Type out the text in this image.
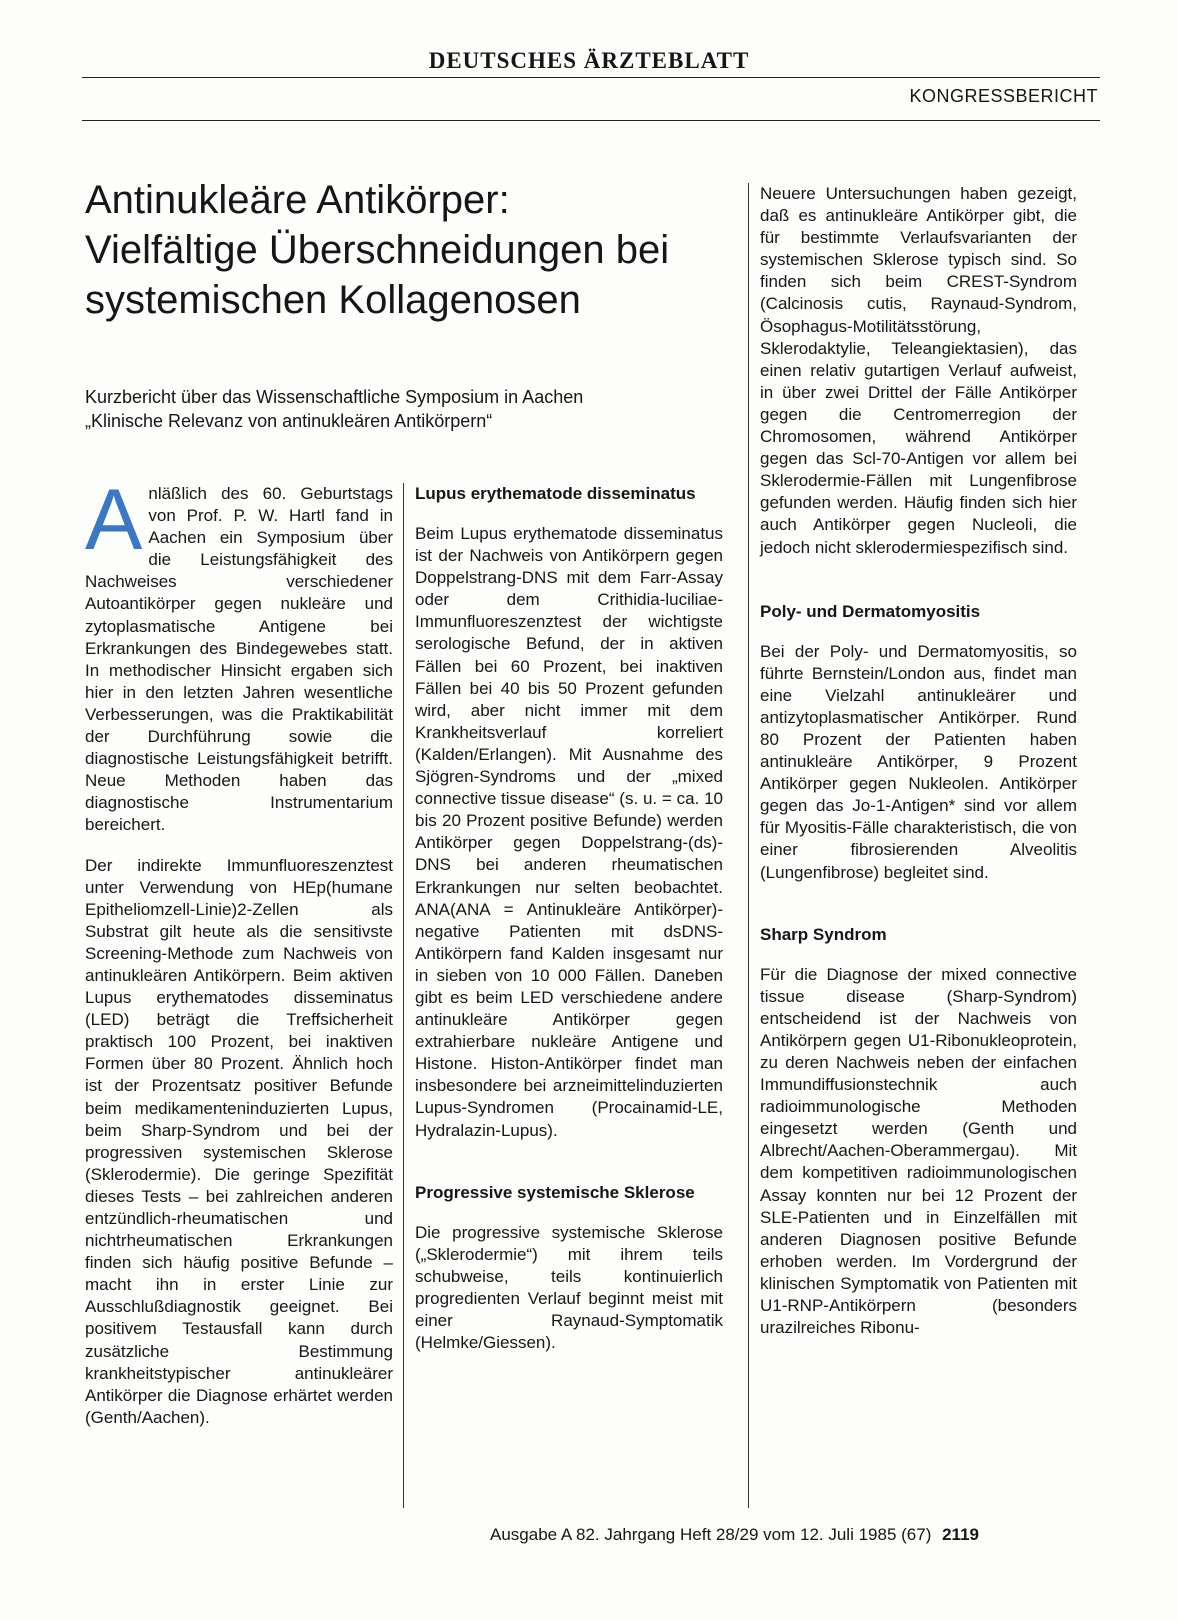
DEUTSCHES ÄRZTEBLATT
KONGRESSBERICHT
Antinukleäre Antikörper:
Vielfältige Überschneidungen bei
systemischen Kollagenosen

Kurzbericht über das Wissenschaftliche Symposium in Aachen
„Klinische Relevanz von antinukleären Antikörpern“

Anläßlich des 60. Geburtstags von Prof. P. W. Hartl fand in Aachen ein Symposium über die Leistungsfähigkeit des Nachweises verschiedener Autoantikörper gegen nukleäre und zytoplasmatische Antigene bei Erkrankungen des Bindegewebes statt. In methodischer Hinsicht ergaben sich hier in den letzten Jahren wesentliche Verbesserungen, was die Praktikabilität der Durchführung sowie die diagnostische Leistungsfähigkeit betrifft. Neue Methoden haben das diagnostische Instrumentarium bereichert.

Der indirekte Immunfluoreszenztest unter Verwendung von HEp(humane Epitheliomzell-Linie)2-Zellen als Substrat gilt heute als die sensitivste Screening-Methode zum Nachweis von antinukleären Antikörpern. Beim aktiven Lupus erythematodes disseminatus (LED) beträgt die Treffsicherheit praktisch 100 Prozent, bei inaktiven Formen über 80 Prozent. Ähnlich hoch ist der Prozentsatz positiver Befunde beim medikamenteninduzierten Lupus, beim Sharp-Syndrom und bei der progressiven systemischen Sklerose (Sklerodermie). Die geringe Spezifität dieses Tests – bei zahlreichen anderen entzündlich-rheumatischen und nichtrheumatischen Erkrankungen finden sich häufig positive Befunde – macht ihn in erster Linie zur Ausschlußdiagnostik geeignet. Bei positivem Testausfall kann durch zusätzliche Bestimmung krankheitstypischer antinukleärer Antikörper die Diagnose erhärtet werden (Genth/Aachen).

Lupus erythematode disseminatus

Beim Lupus erythematode disseminatus ist der Nachweis von Antikörpern gegen Doppelstrang-DNS mit dem Farr-Assay oder dem Crithidia-luciliae-Immunfluoreszenztest der wichtigste serologische Befund, der in aktiven Fällen bei 60 Prozent, bei inaktiven Fällen bei 40 bis 50 Prozent gefunden wird, aber nicht immer mit dem Krankheitsverlauf korreliert (Kalden/Erlangen). Mit Ausnahme des Sjögren-Syndroms und der „mixed connective tissue disease“ (s. u. = ca. 10 bis 20 Prozent positive Befunde) werden Antikörper gegen Doppelstrang-(ds)-DNS bei anderen rheumatischen Erkrankungen nur selten beobachtet. ANA(ANA = Antinukleäre Antikörper)-negative Patienten mit dsDNS-Antikörpern fand Kalden insgesamt nur in sieben von 10 000 Fällen. Daneben gibt es beim LED verschiedene andere antinukleäre Antikörper gegen extrahierbare nukleäre Antigene und Histone. Histon-Antikörper findet man insbesondere bei arzneimittelinduzierten Lupus-Syndromen (Procainamid-LE, Hydralazin-Lupus).

Progressive systemische Sklerose

Die progressive systemische Sklerose („Sklerodermie“) mit ihrem teils schubweise, teils kontinuierlich progredienten Verlauf beginnt meist mit einer Raynaud-Symptomatik (Helmke/Giessen).

Neuere Untersuchungen haben gezeigt, daß es antinukleäre Antikörper gibt, die für bestimmte Verlaufsvarianten der systemischen Sklerose typisch sind. So finden sich beim CREST-Syndrom (Calcinosis cutis, Raynaud-Syndrom, Ösophagus-Motilitätsstörung, Sklerodaktylie, Teleangiektasien), das einen relativ gutartigen Verlauf aufweist, in über zwei Drittel der Fälle Antikörper gegen die Centromerregion der Chromosomen, während Antikörper gegen das Scl-70-Antigen vor allem bei Sklerodermie-Fällen mit Lungenfibrose gefunden werden. Häufig finden sich hier auch Antikörper gegen Nucleoli, die jedoch nicht sklerodermiespezifisch sind.

Poly- und Dermatomyositis

Bei der Poly- und Dermatomyositis, so führte Bernstein/London aus, findet man eine Vielzahl antinukleärer und antizytoplasmatischer Antikörper. Rund 80 Prozent der Patienten haben antinukleäre Antikörper, 9 Prozent Antikörper gegen Nukleolen. Antikörper gegen das Jo-1-Antigen* sind vor allem für Myositis-Fälle charakteristisch, die von einer fibrosierenden Alveolitis (Lungenfibrose) begleitet sind.

Sharp Syndrom

Für die Diagnose der mixed connective tissue disease (Sharp-Syndrom) entscheidend ist der Nachweis von Antikörpern gegen U1-Ribonukleoprotein, zu deren Nachweis neben der einfachen Immundiffusionstechnik auch radioimmunologische Methoden eingesetzt werden (Genth und Albrecht/Aachen-Oberammergau). Mit dem kompetitiven radioimmunologischen Assay konnten nur bei 12 Prozent der SLE-Patienten und in Einzelfällen mit anderen Diagnosen positive Befunde erhoben werden. Im Vordergrund der klinischen Symptomatik von Patienten mit U1-RNP-Antikörpern (besonders urazilreiches Ribonu-

Ausgabe A 82. Jahrgang Heft 28/29 vom 12. Juli 1985 (67) 2119
